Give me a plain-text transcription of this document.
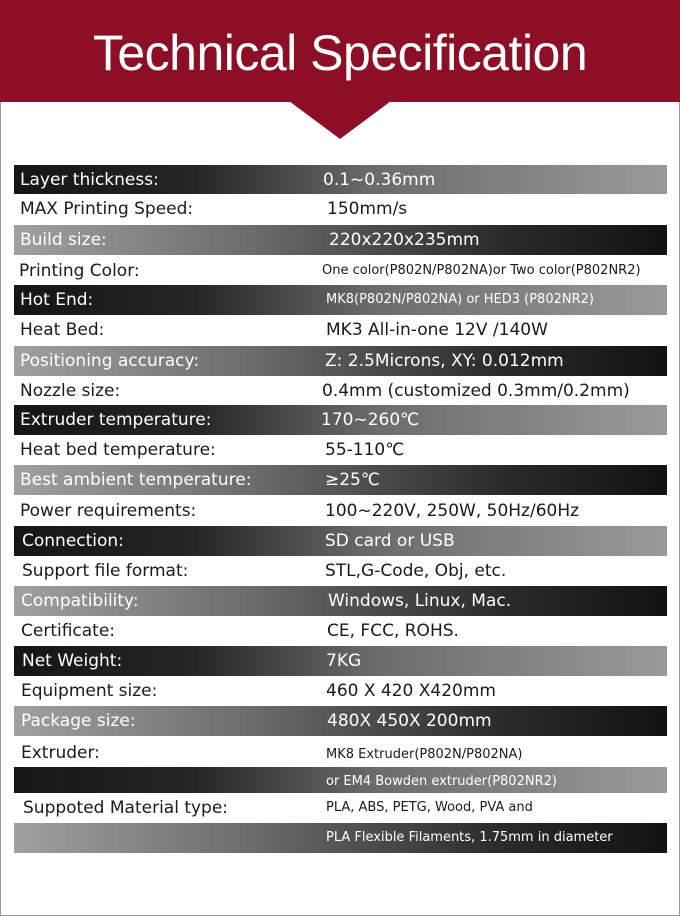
Technical Specification
Layer thickness:	0.1~0.36mm
MAX Printing Speed:	150mm/s
Build size:	220x220x235mm
Printing Color:	One color(P802N/P802NA)or Two color(P802NR2)
Hot End:	MK8(P802N/P802NA) or HED3 (P802NR2)
Heat Bed:	MK3 All-in-one 12V /140W
Positioning accuracy:	Z: 2.5Microns, XY: 0.012mm
Nozzle size:	0.4mm (customized 0.3mm/0.2mm)
Extruder temperature:	170~260℃
Heat bed temperature:	55-110℃
Best ambient temperature:	≥25℃
Power requirements:	100~220V, 250W, 50Hz/60Hz
Connection:	SD card or USB
Support file format:	STL,G-Code, Obj, etc.
Compatibility:	Windows, Linux, Mac.
Certificate:	CE, FCC, ROHS.
Net Weight:	7KG
Equipment size:	460 X 420 X420mm
Package size:	480X 450X 200mm
Extruder:	MK8 Extruder(P802N/P802NA)
or EM4 Bowden extruder(P802NR2)
Suppoted Material type:	PLA, ABS, PETG, Wood, PVA and
PLA Flexible Filaments, 1.75mm in diameter
